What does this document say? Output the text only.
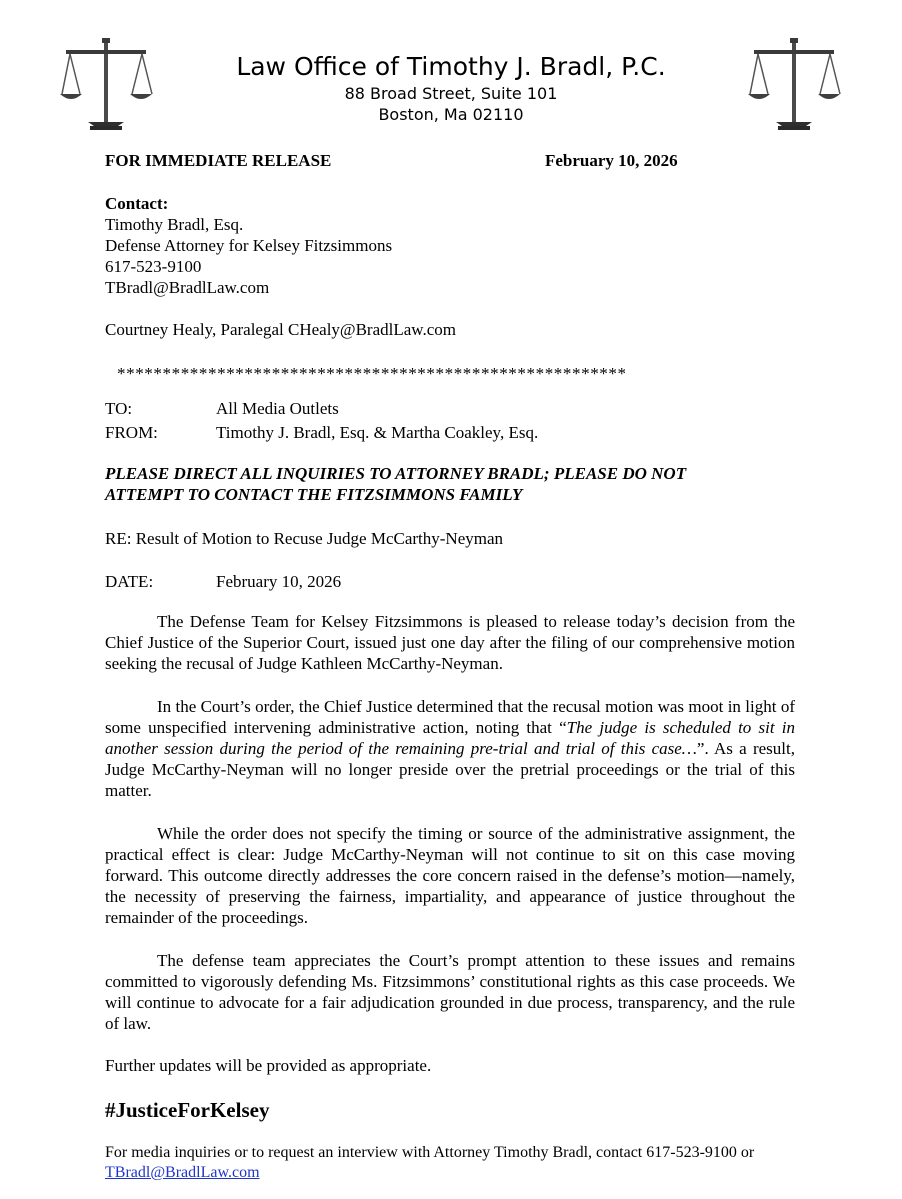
Law Office of Timothy J. Bradl, P.C.
88 Broad Street, Suite 101
Boston, Ma 02110
FOR IMMEDIATE RELEASE	February 10, 2026
Contact:
Timothy Bradl, Esq.
Defense Attorney for Kelsey Fitzsimmons
617-523-9100
TBradl@BradlLaw.com
Courtney Healy, Paralegal CHealy@BradlLaw.com
********************************************************
TO:	All Media Outlets
FROM:	Timothy J. Bradl, Esq. & Martha Coakley, Esq.
PLEASE DIRECT ALL INQUIRIES TO ATTORNEY BRADL; PLEASE DO NOT
ATTEMPT TO CONTACT THE FITZSIMMONS FAMILY
RE: Result of Motion to Recuse Judge McCarthy-Neyman
DATE:	February 10, 2026

The Defense Team for Kelsey Fitzsimmons is pleased to release today’s decision from the Chief Justice of the Superior Court, issued just one day after the filing of our comprehensive motion seeking the recusal of Judge Kathleen McCarthy-Neyman.

In the Court’s order, the Chief Justice determined that the recusal motion was moot in light of some unspecified intervening administrative action, noting that “The judge is scheduled to sit in another session during the period of the remaining pre-trial and trial of this case…”. As a result, Judge McCarthy-Neyman will no longer preside over the pretrial proceedings or the trial of this matter.

While the order does not specify the timing or source of the administrative assignment, the practical effect is clear: Judge McCarthy-Neyman will not continue to sit on this case moving forward. This outcome directly addresses the core concern raised in the defense’s motion—namely, the necessity of preserving the fairness, impartiality, and appearance of justice throughout the remainder of the proceedings.

The defense team appreciates the Court’s prompt attention to these issues and remains committed to vigorously defending Ms. Fitzsimmons’ constitutional rights as this case proceeds. We will continue to advocate for a fair adjudication grounded in due process, transparency, and the rule of law.

Further updates will be provided as appropriate.

#JusticeForKelsey
For media inquiries or to request an interview with Attorney Timothy Bradl, contact 617-523-9100 or
TBradl@BradlLaw.com
